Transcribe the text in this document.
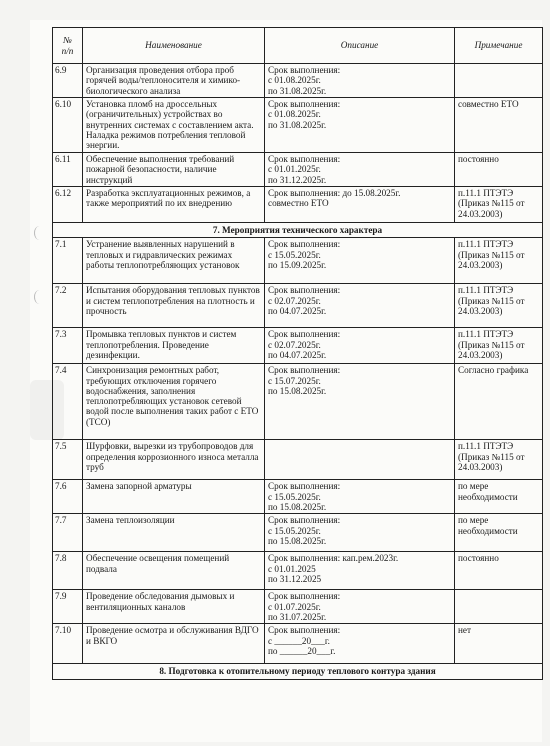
№
п/п	Наименование	Описание	Примечание
6.9	Организация проведения отбора проб горячей воды/теплоносителя и химико-биологического анализа	Срок выполнения:
с 01.08.2025г.
по 31.08.2025г.	
6.10	Установка пломб на дроссельных (ограничительных) устройствах во внутренних системах с составлением акта. Наладка режимов потребления тепловой энергии.	Срок выполнения:
с 01.08.2025г.
по 31.08.2025г.	совместно ЕТО
6.11	Обеспечение выполнения требований пожарной безопасности, наличие инструкций	Срок выполнения:
с 01.01.2025г.
по 31.12.2025г.	постоянно
6.12	Разработка эксплуатационных режимов, а также мероприятий по их внедрению	Срок выполнения: до 15.08.2025г.
совместно ЕТО	п.11.1 ПТЭТЭ
(Приказ №115 от 24.03.2003)
7. Мероприятия технического характера			
7.1	Устранение выявленных нарушений в тепловых и гидравлических режимах работы теплопотребляющих установок	Срок выполнения:
с 15.05.2025г.
по 15.09.2025г.	п.11.1 ПТЭТЭ
(Приказ №115 от 24.03.2003)
7.2	Испытания оборудования тепловых пунктов и систем теплопотребления на плотность и прочность	Срок выполнения:
с 02.07.2025г.
по 04.07.2025г.	п.11.1 ПТЭТЭ
(Приказ №115 от 24.03.2003)
7.3	Промывка тепловых пунктов и систем теплопотребления. Проведение дезинфекции.	Срок выполнения:
с 02.07.2025г.
по 04.07.2025г.	п.11.1 ПТЭТЭ
(Приказ №115 от 24.03.2003)
7.4	Синхронизация ремонтных работ, требующих отключения горячего водоснабжения, заполнения теплопотребляющих установок сетевой водой после выполнения таких работ с ЕТО (ТСО)	Срок выполнения:
с 15.07.2025г.
по 15.08.2025г.	Согласно графика
7.5	Шурфовки, вырезки из трубопроводов для определения коррозионного износа металла труб		п.11.1 ПТЭТЭ
(Приказ №115 от 24.03.2003)
7.6	Замена запорной арматуры	Срок выполнения:
с 15.05.2025г.
по 15.08.2025г.	по мере необходимости
7.7	Замена теплоизоляции	Срок выполнения:
с 15.05.2025г.
по 15.08.2025г.	по мере необходимости
7.8	Обеспечение освещения помещений подвала	Срок выполнения: кап.рем.2023г.
с 01.01.2025
по 31.12.2025	постоянно
7.9	Проведение обследования дымовых и вентиляционных каналов	Срок выполнения:
с 01.07.2025г.
по 31.07.2025г.	
7.10	Проведение осмотра и обслуживания ВДГО и ВКГО	Срок выполнения:
с ______20___г.
по ______20___г.	нет
8. Подготовка к отопительному периоду теплового контура здания			
